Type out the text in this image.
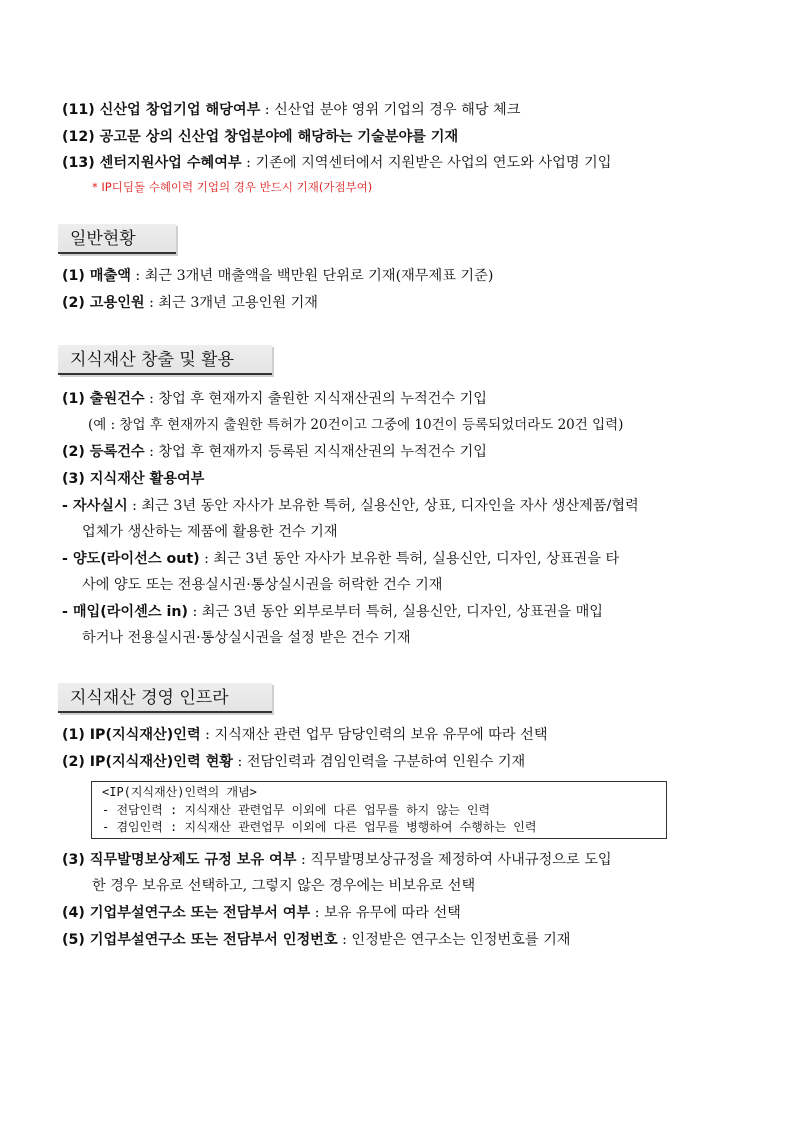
(11) 신산업 창업기업 해당여부 : 신산업 분야 영위 기업의 경우 해당 체크
(12) 공고문 상의 신산업 창업분야에 해당하는 기술분야를 기재
(13) 센터지원사업 수혜여부 : 기존에 지역센터에서 지원받은 사업의 연도와 사업명 기입
* IP디딤돌 수혜이력 기업의 경우 반드시 기재(가점부여)
일반현황
(1) 매출액 : 최근 3개년 매출액을 백만원 단위로 기재(재무제표 기준)
(2) 고용인원 : 최근 3개년 고용인원 기재
지식재산 창출 및 활용
(1) 출원건수 : 창업 후 현재까지 출원한 지식재산권의 누적건수 기입
(예 : 창업 후 현재까지 출원한 특허가 20건이고 그중에 10건이 등록되었더라도 20건 입력)
(2) 등록건수 : 창업 후 현재까지 등록된 지식재산권의 누적건수 기입
(3) 지식재산 활용여부
- 자사실시 : 최근 3년 동안 자사가 보유한 특허, 실용신안, 상표, 디자인을 자사 생산제품/협력
업체가 생산하는 제품에 활용한 건수 기재
- 양도(라이선스 out) : 최근 3년 동안 자사가 보유한 특허, 실용신안, 디자인, 상표권을 타
사에 양도 또는 전용실시권·통상실시권을 허락한 건수 기재
- 매입(라이센스 in) : 최근 3년 동안 외부로부터 특허, 실용신안, 디자인, 상표권을 매입
하거나 전용실시권·통상실시권을 설정 받은 건수 기재
지식재산 경영 인프라
(1) IP(지식재산)인력 : 지식재산 관련 업무 담당인력의 보유 유무에 따라 선택
(2) IP(지식재산)인력 현황 : 전담인력과 겸임인력을 구분하여 인원수 기재
<IP(지식재산)인력의 개념>
- 전담인력 : 지식재산 관련업무 이외에 다른 업무를 하지 않는 인력
- 겸임인력 : 지식재산 관련업무 이외에 다른 업무를 병행하여 수행하는 인력
(3) 직무발명보상제도 규정 보유 여부 : 직무발명보상규정을 제정하여 사내규정으로 도입
한 경우 보유로 선택하고, 그렇지 않은 경우에는 비보유로 선택
(4) 기업부설연구소 또는 전담부서 여부 : 보유 유무에 따라 선택
(5) 기업부설연구소 또는 전담부서 인정번호 : 인정받은 연구소는 인정번호를 기재
